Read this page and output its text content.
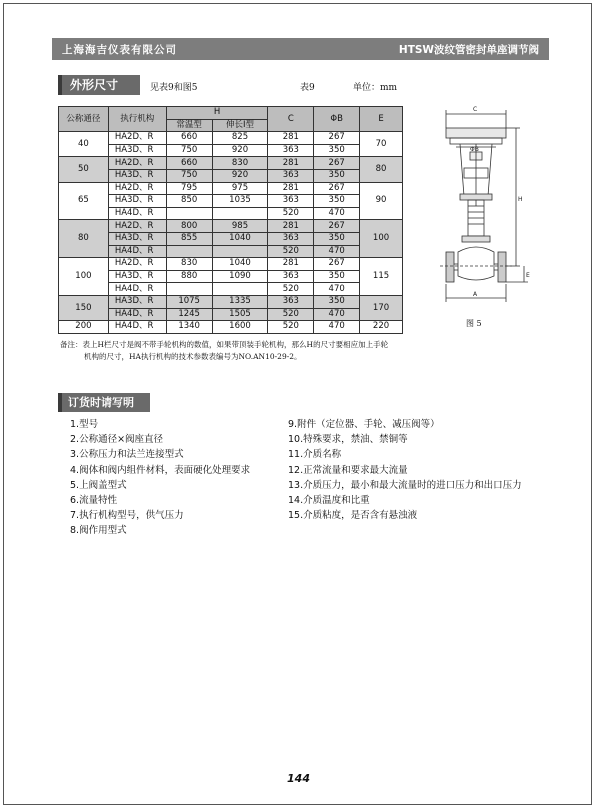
上海海吉仪表有限公司	HTSW波纹管密封单座调节阀
外形尺寸	见表9和图5	表9	单位：mm
公称通径	执行机构	H		C	ΦB	E
		常温型	伸长Ⅰ型			
40	HA2D、R	660	825	281	267	70
	HA3D、R	750	920	363	350	
50	HA2D、R	660	830	281	267	80
	HA3D、R	750	920	363	350	
65	HA2D、R	795	975	281	267	90
	HA3D、R	850	1035	363	350	
	HA4D、R			520	470	
80	HA2D、R	800	985	281	267	100
	HA3D、R	855	1040	363	350	
	HA4D、R			520	470	
100	HA2D、R	830	1040	281	267	115
	HA3D、R	880	1090	363	350	
	HA4D、R			520	470	
150	HA3D、R	1075	1335	363	350	170
	HA4D、R	1245	1505	520	470	
200	HA4D、R	1340	1600	520	470	220
备注：表上H栏尺寸是阀不带手轮机构的数值，如果带顶装手轮机构，那么H的尺寸要相应加上手轮
机构的尺寸，HA执行机构的技术参数表编号为NO.AN10-29-2。
C
ΦB
H
E
A
图 5
订货时请写明
1.型号
2.公称通径×阀座直径
3.公称压力和法兰连接型式
4.阀体和阀内组件材料，表面硬化处理要求
5.上阀盖型式
6.流量特性
7.执行机构型号，供气压力
8.阀作用型式
9.附件（定位器、手轮、减压阀等）
10.特殊要求，禁油、禁铜等
11.介质名称
12.正常流量和要求最大流量
13.介质压力，最小和最大流量时的进口压力和出口压力
14.介质温度和比重
15.介质粘度，是否含有悬浊液
144
